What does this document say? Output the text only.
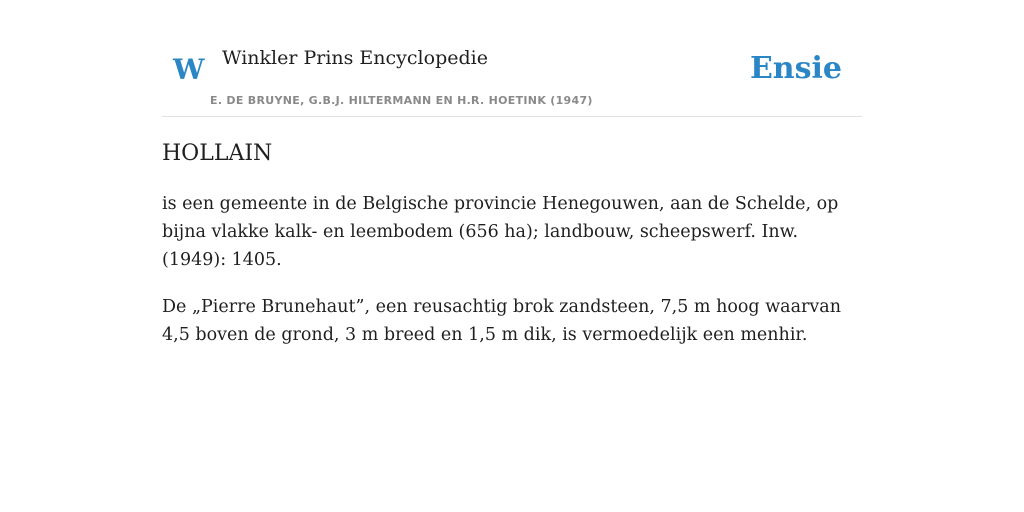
W Winkler Prins Encyclopedie
E. DE BRUYNE, G.B.J. HILTERMANN EN H.R. HOETINK (1947)
Ensie
HOLLAIN

is een gemeente in de Belgische provincie Henegouwen, aan de Schelde, op bijna vlakke kalk- en leembodem (656 ha); landbouw, scheepswerf. Inw. (1949): 1405.

De „Pierre Brunehaut”, een reusachtig brok zandsteen, 7,5 m hoog waarvan 4,5 boven de grond, 3 m breed en 1,5 m dik, is vermoedelijk een menhir.
